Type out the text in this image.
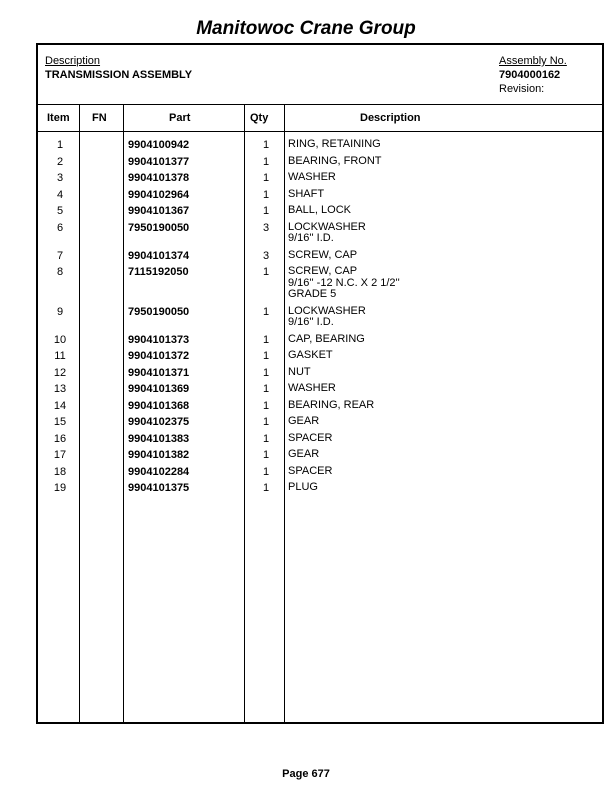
Manitowoc Crane Group
Description
TRANSMISSION ASSEMBLY
Assembly No.
7904000162
Revision:
Item FN	Part	Qty	Description
1	9904100942	1	RING, RETAINING
2	9904101377	1	BEARING, FRONT
3	9904101378	1	WASHER
4	9904102964	1	SHAFT
5	9904101367	1	BALL, LOCK
6	7950190050	3	LOCKWASHER
9/16'' I.D.
7	9904101374	3	SCREW, CAP
8	7115192050	1	SCREW, CAP
9/16'' -12 N.C. X 2 1/2''
GRADE 5
9	7950190050	1	LOCKWASHER
9/16'' I.D.
10	9904101373	1	CAP, BEARING
11	9904101372	1	GASKET
12	9904101371	1	NUT
13	9904101369	1	WASHER
14	9904101368	1	BEARING, REAR
15	9904102375	1	GEAR
16	9904101383	1	SPACER
17	9904101382	1	GEAR
18	9904102284	1	SPACER
19	9904101375	1	PLUG
Page 677
